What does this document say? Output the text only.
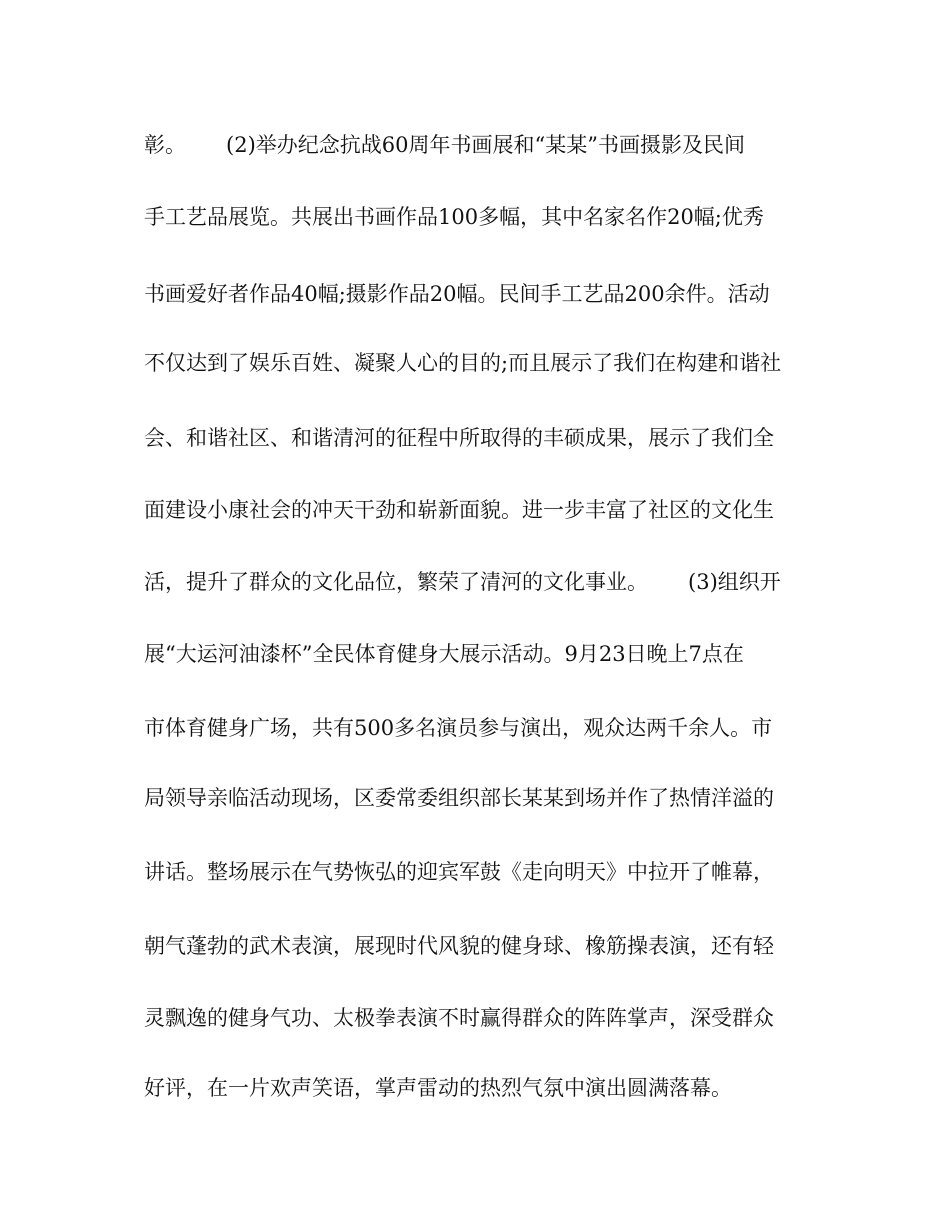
彰。      (2)举办纪念抗战60周年书画展和“某某”书画摄影及民间
手工艺品展览。共展出书画作品100多幅，其中名家名作20幅;优秀
书画爱好者作品40幅;摄影作品20幅。民间手工艺品200余件。活动
不仅达到了娱乐百姓、凝聚人心的目的;而且展示了我们在构建和谐社
会、和谐社区、和谐清河的征程中所取得的丰硕成果，展示了我们全
面建设小康社会的冲天干劲和崭新面貌。进一步丰富了社区的文化生
活，提升了群众的文化品位，繁荣了清河的文化事业。      (3)组织开
展“大运河油漆杯”全民体育健身大展示活动。9月23日晚上7点在
市体育健身广场，共有500多名演员参与演出，观众达两千余人。市
局领导亲临活动现场，区委常委组织部长某某到场并作了热情洋溢的
讲话。整场展示在气势恢弘的迎宾军鼓《走向明天》中拉开了帷幕，
朝气蓬勃的武术表演，展现时代风貌的健身球、橡筋操表演，还有轻
灵飘逸的健身气功、太极拳表演不时赢得群众的阵阵掌声，深受群众
好评，在一片欢声笑语，掌声雷动的热烈气氛中演出圆满落幕。
